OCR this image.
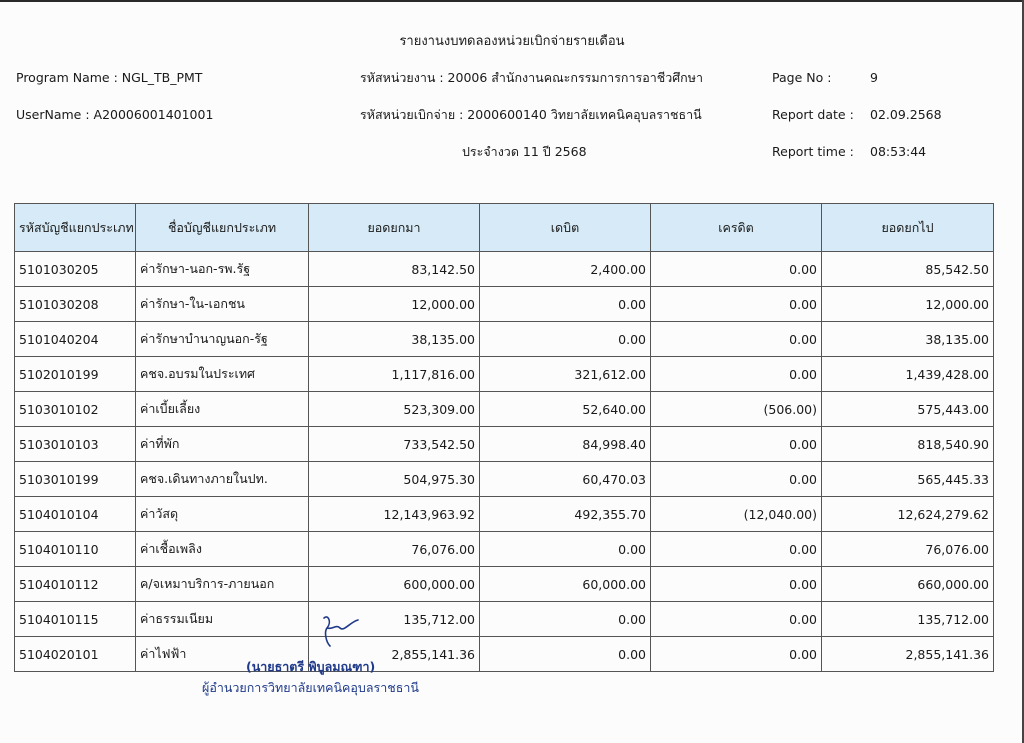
รายงานงบทดลองหน่วยเบิกจ่ายรายเดือน
Program Name : NGL_TB_PMT
UserName : A20006001401001
รหัสหน่วยงาน : 20006 สำนักงานคณะกรรมการการอาชีวศึกษา
รหัสหน่วยเบิกจ่าย : 2000600140 วิทยาลัยเทคนิคอุบลราชธานี
ประจำงวด 11 ปี 2568
Page No :	9
Report date : 02.09.2568
Report time : 08:53:44
รหัสบัญชีแยกประเภท	ชื่อบัญชีแยกประเภท	ยอดยกมา	เดบิต	เครดิต	ยอดยกไป
5101030205	ค่ารักษา-นอก-รพ.รัฐ	83,142.50	2,400.00	0.00	85,542.50
5101030208	ค่ารักษา-ใน-เอกชน	12,000.00	0.00	0.00	12,000.00
5101040204	ค่ารักษาบำนาญนอก-รัฐ	38,135.00	0.00	0.00	38,135.00
5102010199	คชจ.อบรมในประเทศ	1,117,816.00	321,612.00	0.00	1,439,428.00
5103010102	ค่าเบี้ยเลี้ยง	523,309.00	52,640.00	(506.00)	575,443.00
5103010103	ค่าที่พัก	733,542.50	84,998.40	0.00	818,540.90
5103010199	คชจ.เดินทางภายในปท.	504,975.30	60,470.03	0.00	565,445.33
5104010104	ค่าวัสดุ	12,143,963.92	492,355.70	(12,040.00)	12,624,279.62
5104010110	ค่าเชื้อเพลิง	76,076.00	0.00	0.00	76,076.00
5104010112	ค/จเหมาบริการ-ภายนอก	600,000.00	60,000.00	0.00	660,000.00
5104010115	ค่าธรรมเนียม	135,712.00	0.00	0.00	135,712.00
5104020101	ค่าไฟฟ้า	2,855,141.36	0.00	0.00	2,855,141.36
(นายธาตรี พิบูลมณฑา)
ผู้อำนวยการวิทยาลัยเทคนิคอุบลราชธานี
